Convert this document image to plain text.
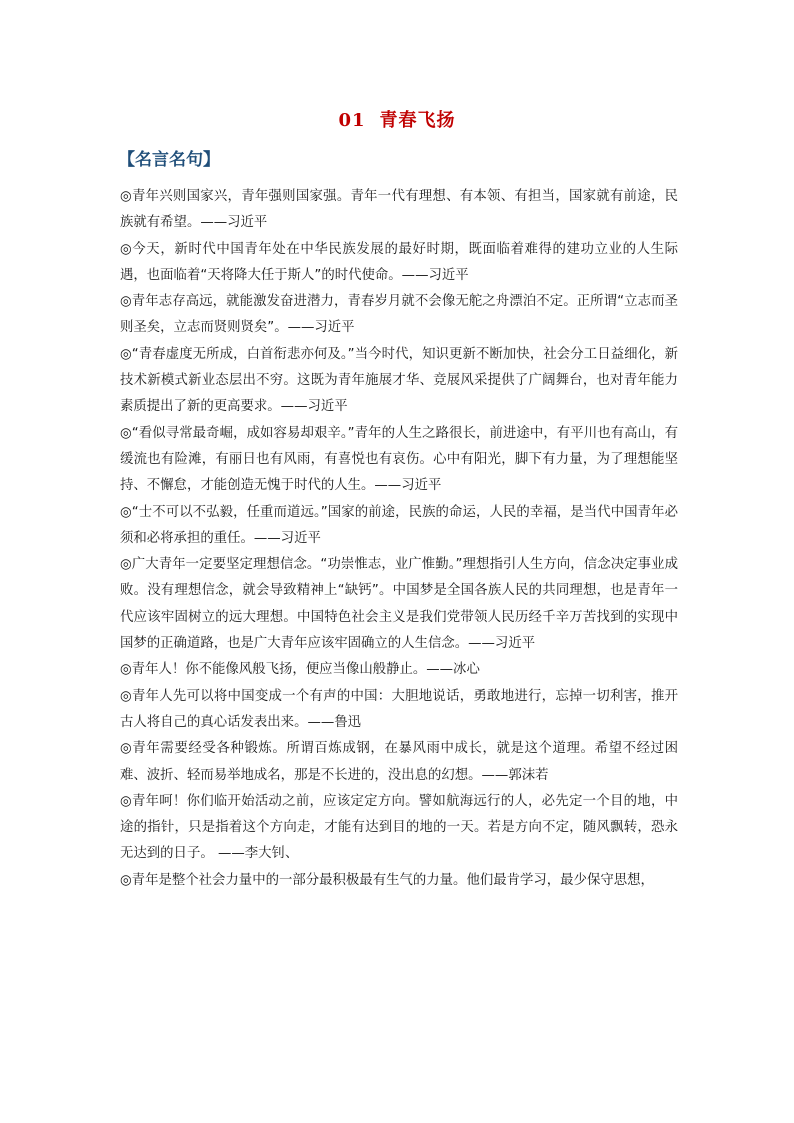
01 青春飞扬
【名言名句】

◎青年兴则国家兴，青年强则国家强。青年一代有理想、有本领、有担当，国家就有前途，民族就有希望。——习近平

◎今天，新时代中国青年处在中华民族发展的最好时期，既面临着难得的建功立业的人生际遇，也面临着“天将降大任于斯人”的时代使命。——习近平

◎青年志存高远，就能激发奋进潜力，青春岁月就不会像无舵之舟漂泊不定。正所谓“立志而圣则圣矣，立志而贤则贤矣”。——习近平

◎“青春虚度无所成，白首衔悲亦何及。”当今时代，知识更新不断加快，社会分工日益细化，新技术新模式新业态层出不穷。这既为青年施展才华、竞展风采提供了广阔舞台，也对青年能力素质提出了新的更高要求。——习近平

◎“看似寻常最奇崛，成如容易却艰辛。”青年的人生之路很长，前进途中，有平川也有高山，有缓流也有险滩，有丽日也有风雨，有喜悦也有哀伤。心中有阳光，脚下有力量，为了理想能坚持、不懈怠，才能创造无愧于时代的人生。——习近平

◎“士不可以不弘毅，任重而道远。”国家的前途，民族的命运，人民的幸福，是当代中国青年必须和必将承担的重任。——习近平

◎广大青年一定要坚定理想信念。“功崇惟志，业广惟勤。”理想指引人生方向，信念决定事业成败。没有理想信念，就会导致精神上“缺钙”。中国梦是全国各族人民的共同理想，也是青年一代应该牢固树立的远大理想。中国特色社会主义是我们党带领人民历经千辛万苦找到的实现中国梦的正确道路，也是广大青年应该牢固确立的人生信念。——习近平

◎青年人！你不能像风般飞扬，便应当像山般静止。——冰心

◎青年人先可以将中国变成一个有声的中国：大胆地说话，勇敢地进行，忘掉一切利害，推开古人将自己的真心话发表出来。——鲁迅

◎青年需要经受各种锻炼。所谓百炼成钢，在暴风雨中成长，就是这个道理。希望不经过困难、波折、轻而易举地成名，那是不长进的，没出息的幻想。——郭沫若

◎青年呵！你们临开始活动之前，应该定定方向。譬如航海远行的人，必先定一个目的地，中途的指针，只是指着这个方向走，才能有达到目的地的一天。若是方向不定，随风飘转，恐永无达到的日子。 ——李大钊、

◎青年是整个社会力量中的一部分最积极最有生气的力量。他们最肯学习，最少保守思想，
